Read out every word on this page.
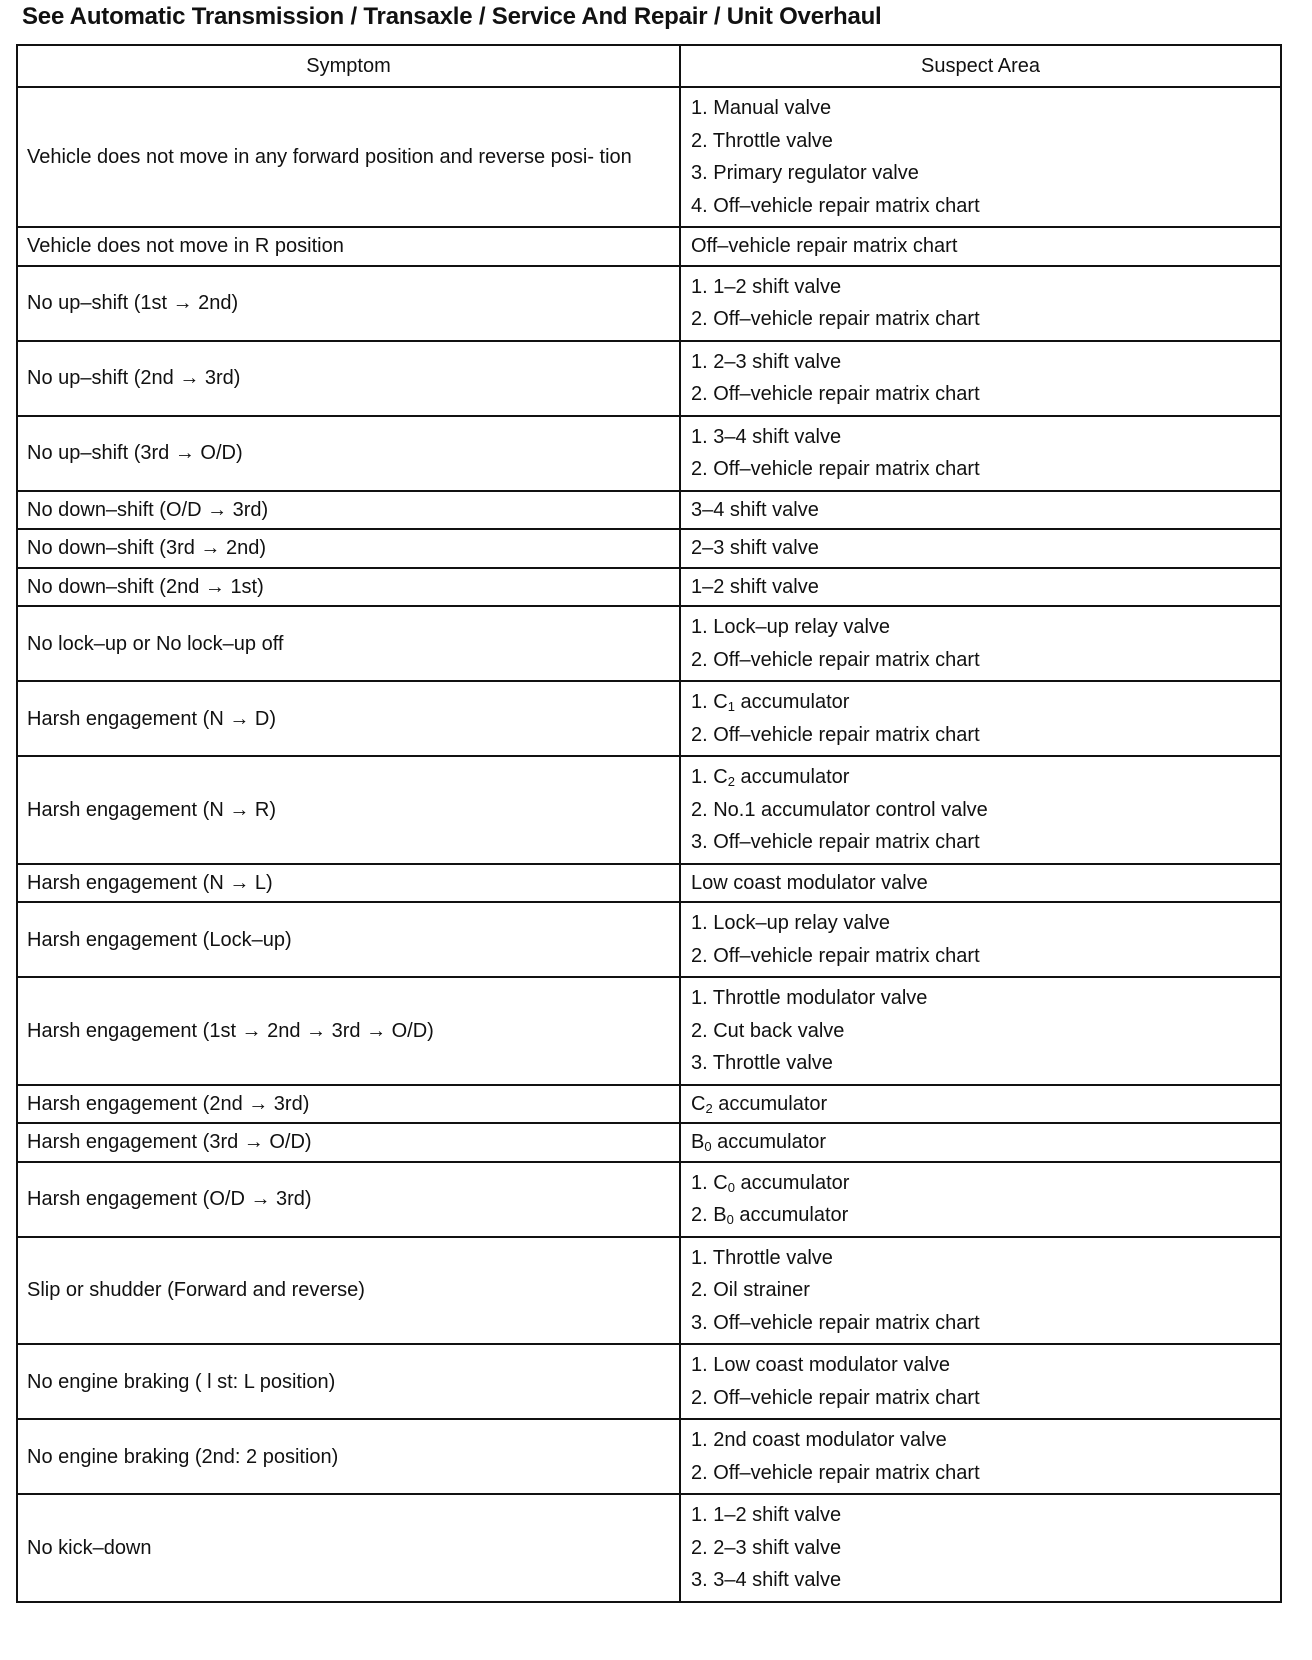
See Automatic Transmission / Transaxle / Service And Repair / Unit Overhaul
Symptom	Suspect Area
Vehicle does not move in any forward position and reverse posi- tion	1. Manual valve
2. Throttle valve
3. Primary regulator valve
4. Off–vehicle repair matrix chart

Vehicle does not move in R position	Off–vehicle repair matrix chart

No up–shift (1st → 2nd)	1. 1–2 shift valve
2. Off–vehicle repair matrix chart

No up–shift (2nd → 3rd)	1. 2–3 shift valve
2. Off–vehicle repair matrix chart

No up–shift (3rd → O/D)	1. 3–4 shift valve
2. Off–vehicle repair matrix chart

No down–shift (O/D → 3rd)	3–4 shift valve

No down–shift (3rd → 2nd)	2–3 shift valve

No down–shift (2nd → 1st)	1–2 shift valve

No lock–up or No lock–up off	1. Lock–up relay valve
2. Off–vehicle repair matrix chart

Harsh engagement (N → D)	1. $C_1$ accumulator
2. Off–vehicle repair matrix chart

Harsh engagement (N → R)	1. $C_2$ accumulator
2. No.1 accumulator control valve
3. Off–vehicle repair matrix chart

Harsh engagement (N → L)	Low coast modulator valve

Harsh engagement (Lock–up)	1. Lock–up relay valve
2. Off–vehicle repair matrix chart

Harsh engagement (1st → 2nd → 3rd → O/D)	1. Throttle modulator valve
2. Cut back valve
3. Throttle valve

Harsh engagement (2nd → 3rd)	$C_2$ accumulator

Harsh engagement (3rd → O/D)	$B_0$ accumulator

Harsh engagement (O/D → 3rd)	1. $C_0$ accumulator
2. $B_0$ accumulator

Slip or shudder (Forward and reverse)	1. Throttle valve
2. Oil strainer
3. Off–vehicle repair matrix chart

No engine braking ( l st: L position)	1. Low coast modulator valve
2. Off–vehicle repair matrix chart

No engine braking (2nd: 2 position)	1. 2nd coast modulator valve
2. Off–vehicle repair matrix chart

No kick–down	1. 1–2 shift valve
2. 2–3 shift valve
3. 3–4 shift valve
